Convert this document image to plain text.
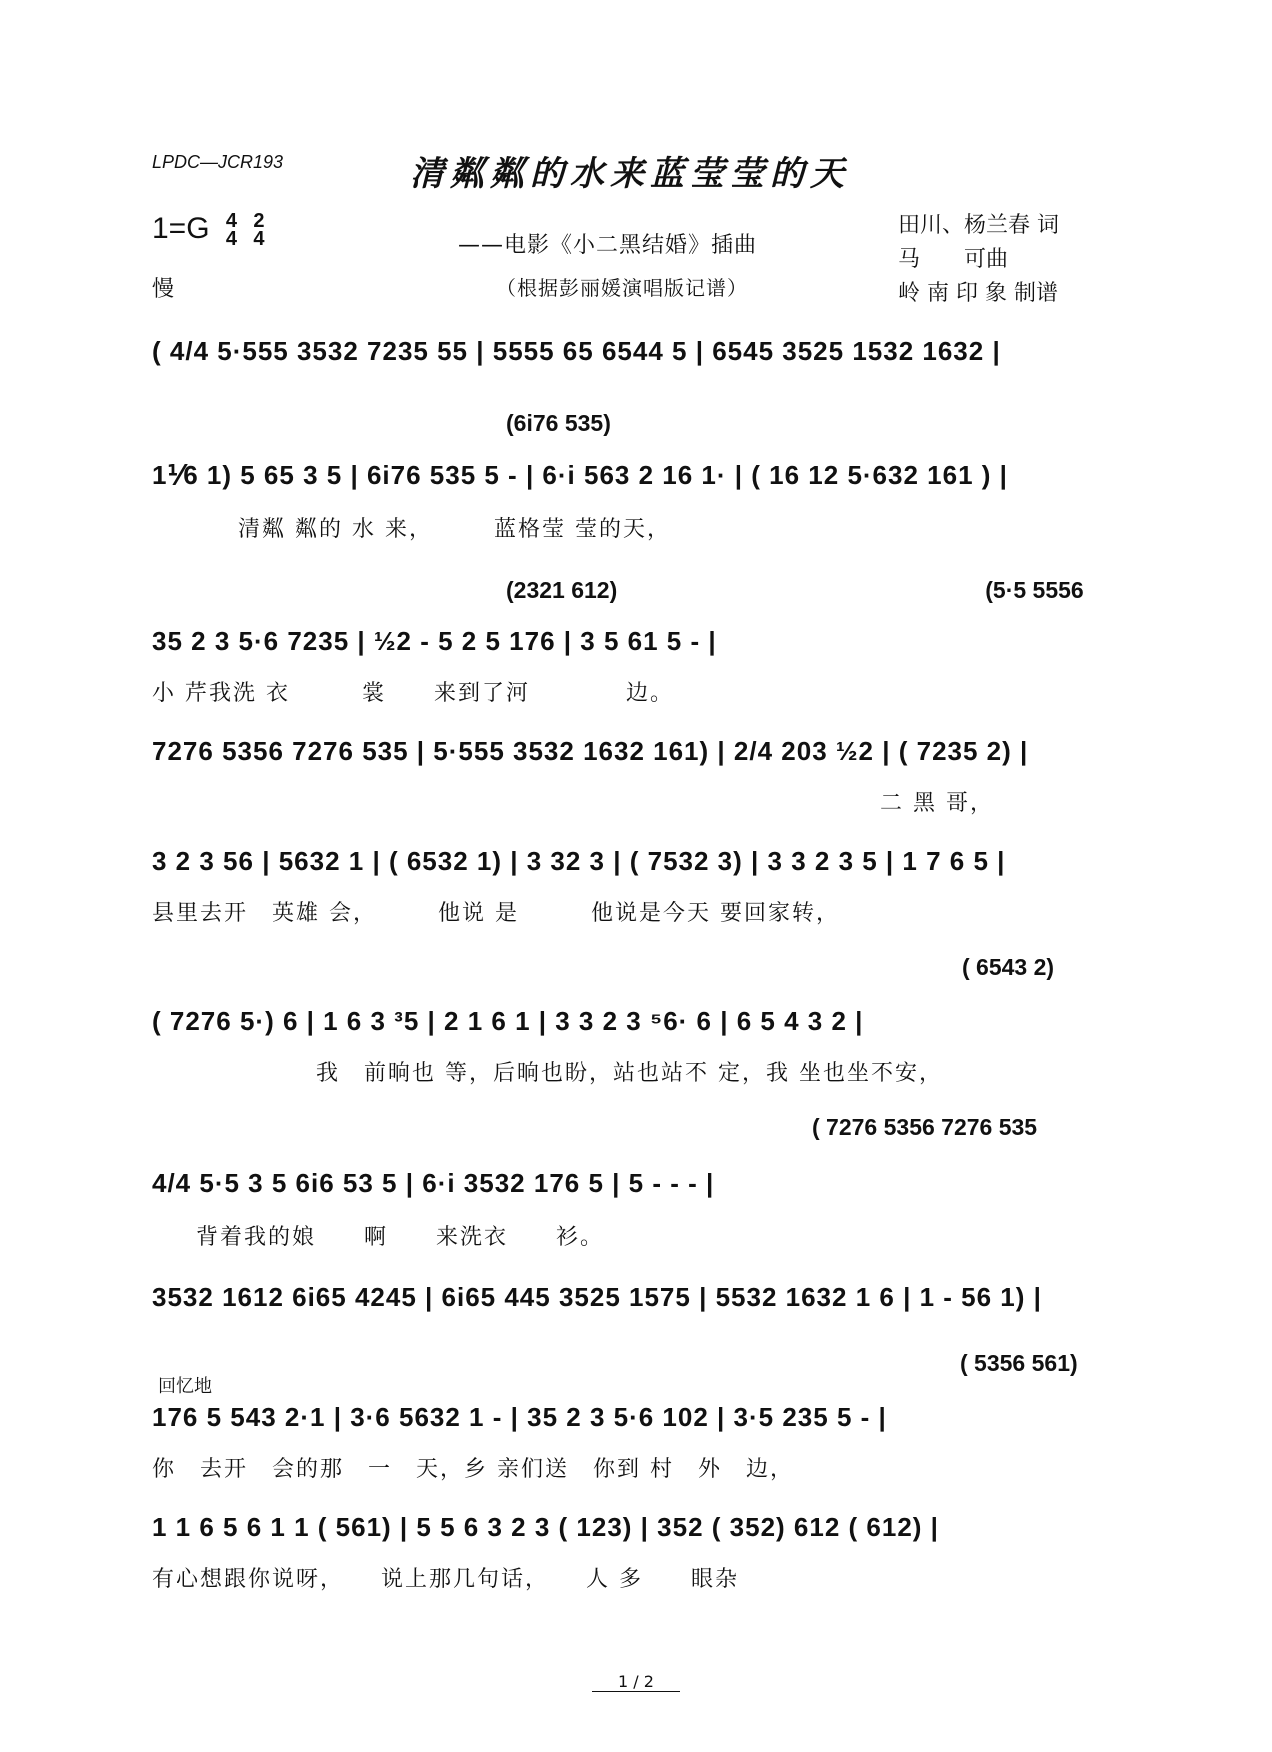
LPDC—JCR193	清粼粼的水来蓝莹莹的天
1=G 4
4

2
4
慢
——电影《小二黑结婚》插曲
（根据彭丽媛演唱版记谱）
田川、杨兰春 词
马　　可曲
岭 南 印 象 制谱
( 4/4 5·555 3532 7235 55 | 5555 65 6544 5 | 6545 3525 1532 1632 |
(6i76 535)
1⅟6 1) 5 65 3 5 | 6i76 535 5 - | 6·i 563 2 16 1· | ( 16 12 5·632 161 ) |
清粼 粼的 水 来，　　　蓝格莹 莹的天，
(2321 612)　　　　　　　　　　　　　　　　(5·5 5556
35 2 3 5·6 7235 | ½2 - 5 2 5 176 | 3 5 61 5 - |
小 芹我洗 衣　　　裳　　来到了河　　　　边。
7276 5356 7276 535 | 5·555 3532 1632 161) | 2/4 203 ½2 | ( 7235 2) |
二 黑 哥，
3 2 3 56 | 5632 1 | ( 6532 1) | 3 32 3 | ( 7532 3) | 3 3 2 3 5 | 1 7 6 5 |
县里去开　英雄 会，　　　他说 是　　　他说是今天 要回家转，
( 6543 2)
( 7276 5·) 6 | 1 6 3 ³5 | 2 1 6 1 | 3 3 2 3 ⁵6· 6 | 6 5 4 3 2 |
我　前晌也 等，后晌也盼，站也站不 定，我 坐也坐不安，
( 7276 5356 7276 535
4/4 5·5 3 5 6i6 53 5 | 6·i 3532 176 5 | 5 - - - |
背着我的娘　　啊　　来洗衣　　衫。
3532 1612 6i65 4245 | 6i65 445 3525 1575 | 5532 1632 1 6 | 1 - 56 1) |
回忆地
( 5356 561)
176 5 543 2·1 | 3·6 5632 1 - | 35 2 3 5·6 102 | 3·5 235 5 - |
你　去开　会的那　一　天，乡 亲们送　你到 村　外　边，
1 1 6 5 6 1 1 ( 561) | 5 5 6 3 2 3 ( 123) | 352 ( 352) 612 ( 612) |
有心想跟你说呀，　　说上那几句话，　　人 多　　眼杂
1 / 2
